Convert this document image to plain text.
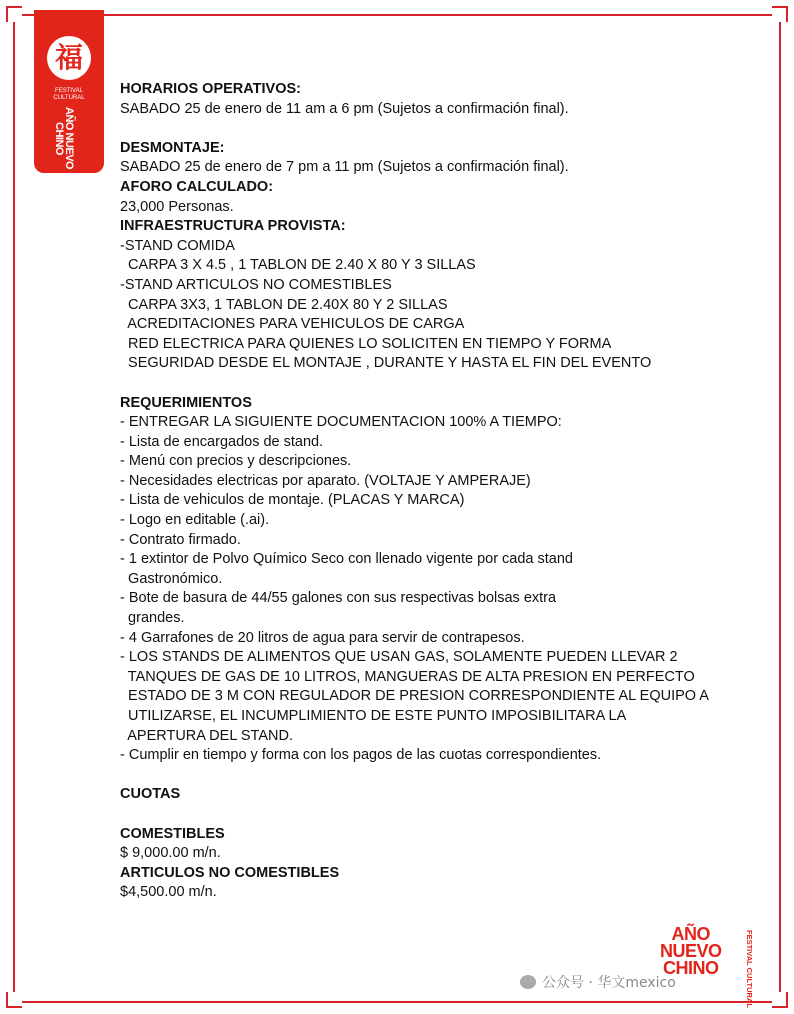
福
FESTIVAL
CULTURAL
AÑO NUEVO CHINO

HORARIOS OPERATIVOS:

SABADO 25 de enero de 11 am a 6 pm (Sujetos a confirmación final).

DESMONTAJE:

SABADO 25 de enero de 7 pm a 11 pm (Sujetos a confirmación final).

AFORO CALCULADO:

23,000 Personas.

INFRAESTRUCTURA PROVISTA:

-STAND COMIDA

CARPA 3 X 4.5 , 1 TABLON DE 2.40 X 80 Y 3 SILLAS

-STAND ARTICULOS NO COMESTIBLES

CARPA 3X3, 1 TABLON DE 2.40X 80 Y 2 SILLAS

ACREDITACIONES PARA VEHICULOS DE CARGA

RED ELECTRICA PARA QUIENES LO SOLICITEN EN TIEMPO Y FORMA

SEGURIDAD DESDE EL MONTAJE , DURANTE Y HASTA EL FIN DEL EVENTO

REQUERIMIENTOS

- ENTREGAR LA SIGUIENTE DOCUMENTACION 100% A TIEMPO:

- Lista de encargados de stand.

- Menú con precios y descripciones.

- Necesidades electricas por aparato. (VOLTAJE Y AMPERAJE)

- Lista de vehiculos de montaje. (PLACAS Y MARCA)

- Logo en editable (.ai).

- Contrato firmado.

- 1 extintor de Polvo Químico Seco con llenado vigente por cada stand

Gastronómico.

- Bote de basura de 44/55 galones con sus respectivas bolsas extra

grandes.

- 4 Garrafones de 20 litros de agua para servir de contrapesos.

- LOS STANDS DE ALIMENTOS QUE USAN GAS, SOLAMENTE PUEDEN LLEVAR 2

TANQUES DE GAS DE 10 LITROS, MANGUERAS DE ALTA PRESION EN PERFECTO

ESTADO DE 3 M CON REGULADOR DE PRESION CORRESPONDIENTE AL EQUIPO A

UTILIZARSE, EL INCUMPLIMIENTO DE ESTE PUNTO IMPOSIBILITARA LA

APERTURA DEL STAND.

- Cumplir en tiempo y forma con los pagos de las cuotas correspondientes.

CUOTAS

COMESTIBLES

$ 9,000.00 m/n.

ARTICULOS NO COMESTIBLES

$4,500.00 m/n.

AÑO
NUEVO
CHINO	FESTIVAL CULTURAL
公众号 · 华文mexico
